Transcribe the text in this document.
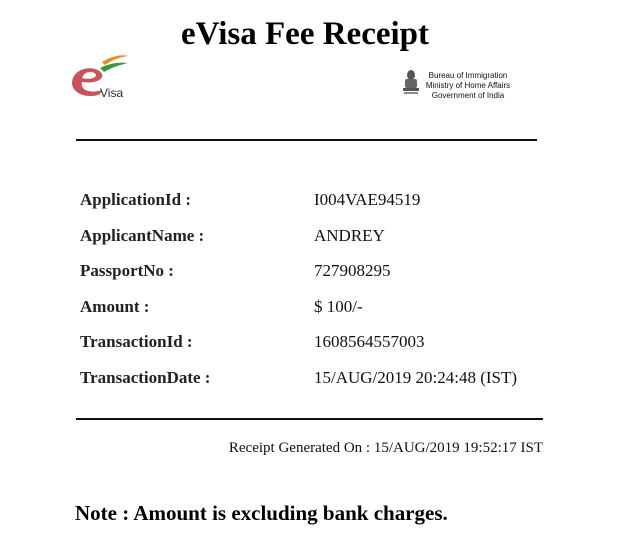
eVisa Fee Receipt
Visa
Bureau of Immigration
Ministry of Home Affairs
Government of India
ApplicationId :	I004VAE94519
ApplicantName :	ANDREY
PassportNo :	727908295
Amount :	$ 100/-
TransactionId :	1608564557003
TransactionDate :	15/AUG/2019 20:24:48 (IST)
Receipt Generated On : 15/AUG/2019 19:52:17 IST
Note : Amount is excluding bank charges.
